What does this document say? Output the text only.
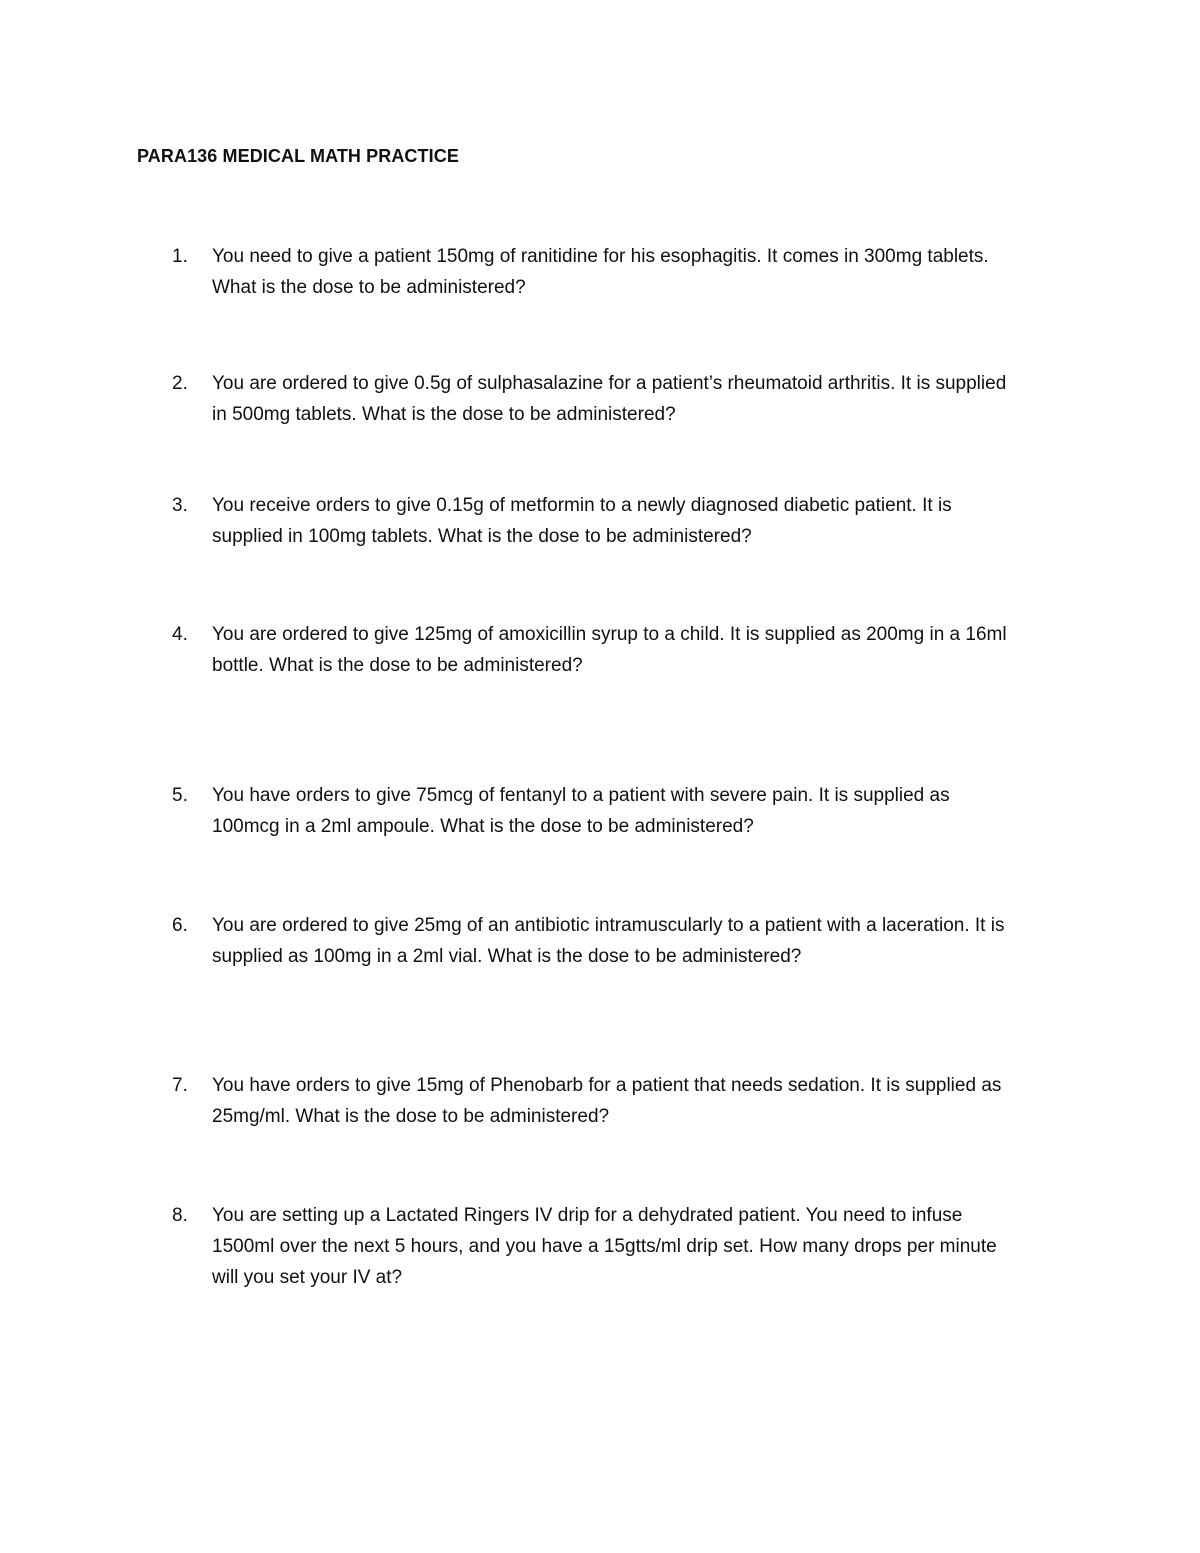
PARA136 MEDICAL MATH PRACTICE
1.	You need to give a patient 150mg of ranitidine for his esophagitis. It comes in 300mg tablets.
What is the dose to be administered?
2.	You are ordered to give 0.5g of sulphasalazine for a patient’s rheumatoid arthritis. It is supplied
in 500mg tablets. What is the dose to be administered?
3.	You receive orders to give 0.15g of metformin to a newly diagnosed diabetic patient. It is
supplied in 100mg tablets. What is the dose to be administered?
4.	You are ordered to give 125mg of amoxicillin syrup to a child. It is supplied as 200mg in a 16ml
bottle. What is the dose to be administered?
5.	You have orders to give 75mcg of fentanyl to a patient with severe pain. It is supplied as
100mcg in a 2ml ampoule. What is the dose to be administered?
6.	You are ordered to give 25mg of an antibiotic intramuscularly to a patient with a laceration. It is
supplied as 100mg in a 2ml vial. What is the dose to be administered?
7.	You have orders to give 15mg of Phenobarb for a patient that needs sedation. It is supplied as
25mg/ml. What is the dose to be administered?
8.	You are setting up a Lactated Ringers IV drip for a dehydrated patient. You need to infuse
1500ml over the next 5 hours, and you have a 15gtts/ml drip set. How many drops per minute
will you set your IV at?
